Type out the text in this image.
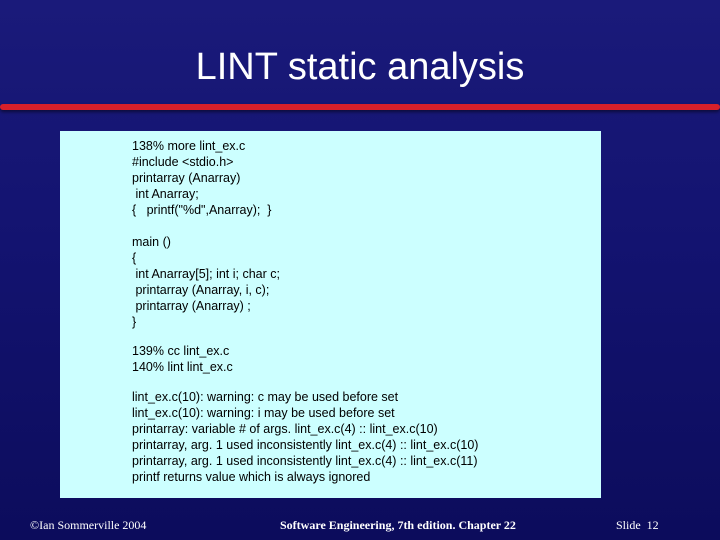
LINT static analysis
138% more lint_ex.c
#include <stdio.h>
printarray (Anarray)
int Anarray;
{   printf("%d",Anarray);  }
main ()
{
int Anarray[5]; int i; char c;
printarray (Anarray, i, c);
printarray (Anarray) ;
}
139% cc lint_ex.c
140% lint lint_ex.c
lint_ex.c(10): warning: c may be used before set
lint_ex.c(10): warning: i may be used before set
printarray: variable # of args. lint_ex.c(4) :: lint_ex.c(10)
printarray, arg. 1 used inconsistently lint_ex.c(4) :: lint_ex.c(10)
printarray, arg. 1 used inconsistently lint_ex.c(4) :: lint_ex.c(11)
printf returns value which is always ignored
©Ian Sommerville 2004	Software Engineering, 7th edition. Chapter 22	Slide  12
